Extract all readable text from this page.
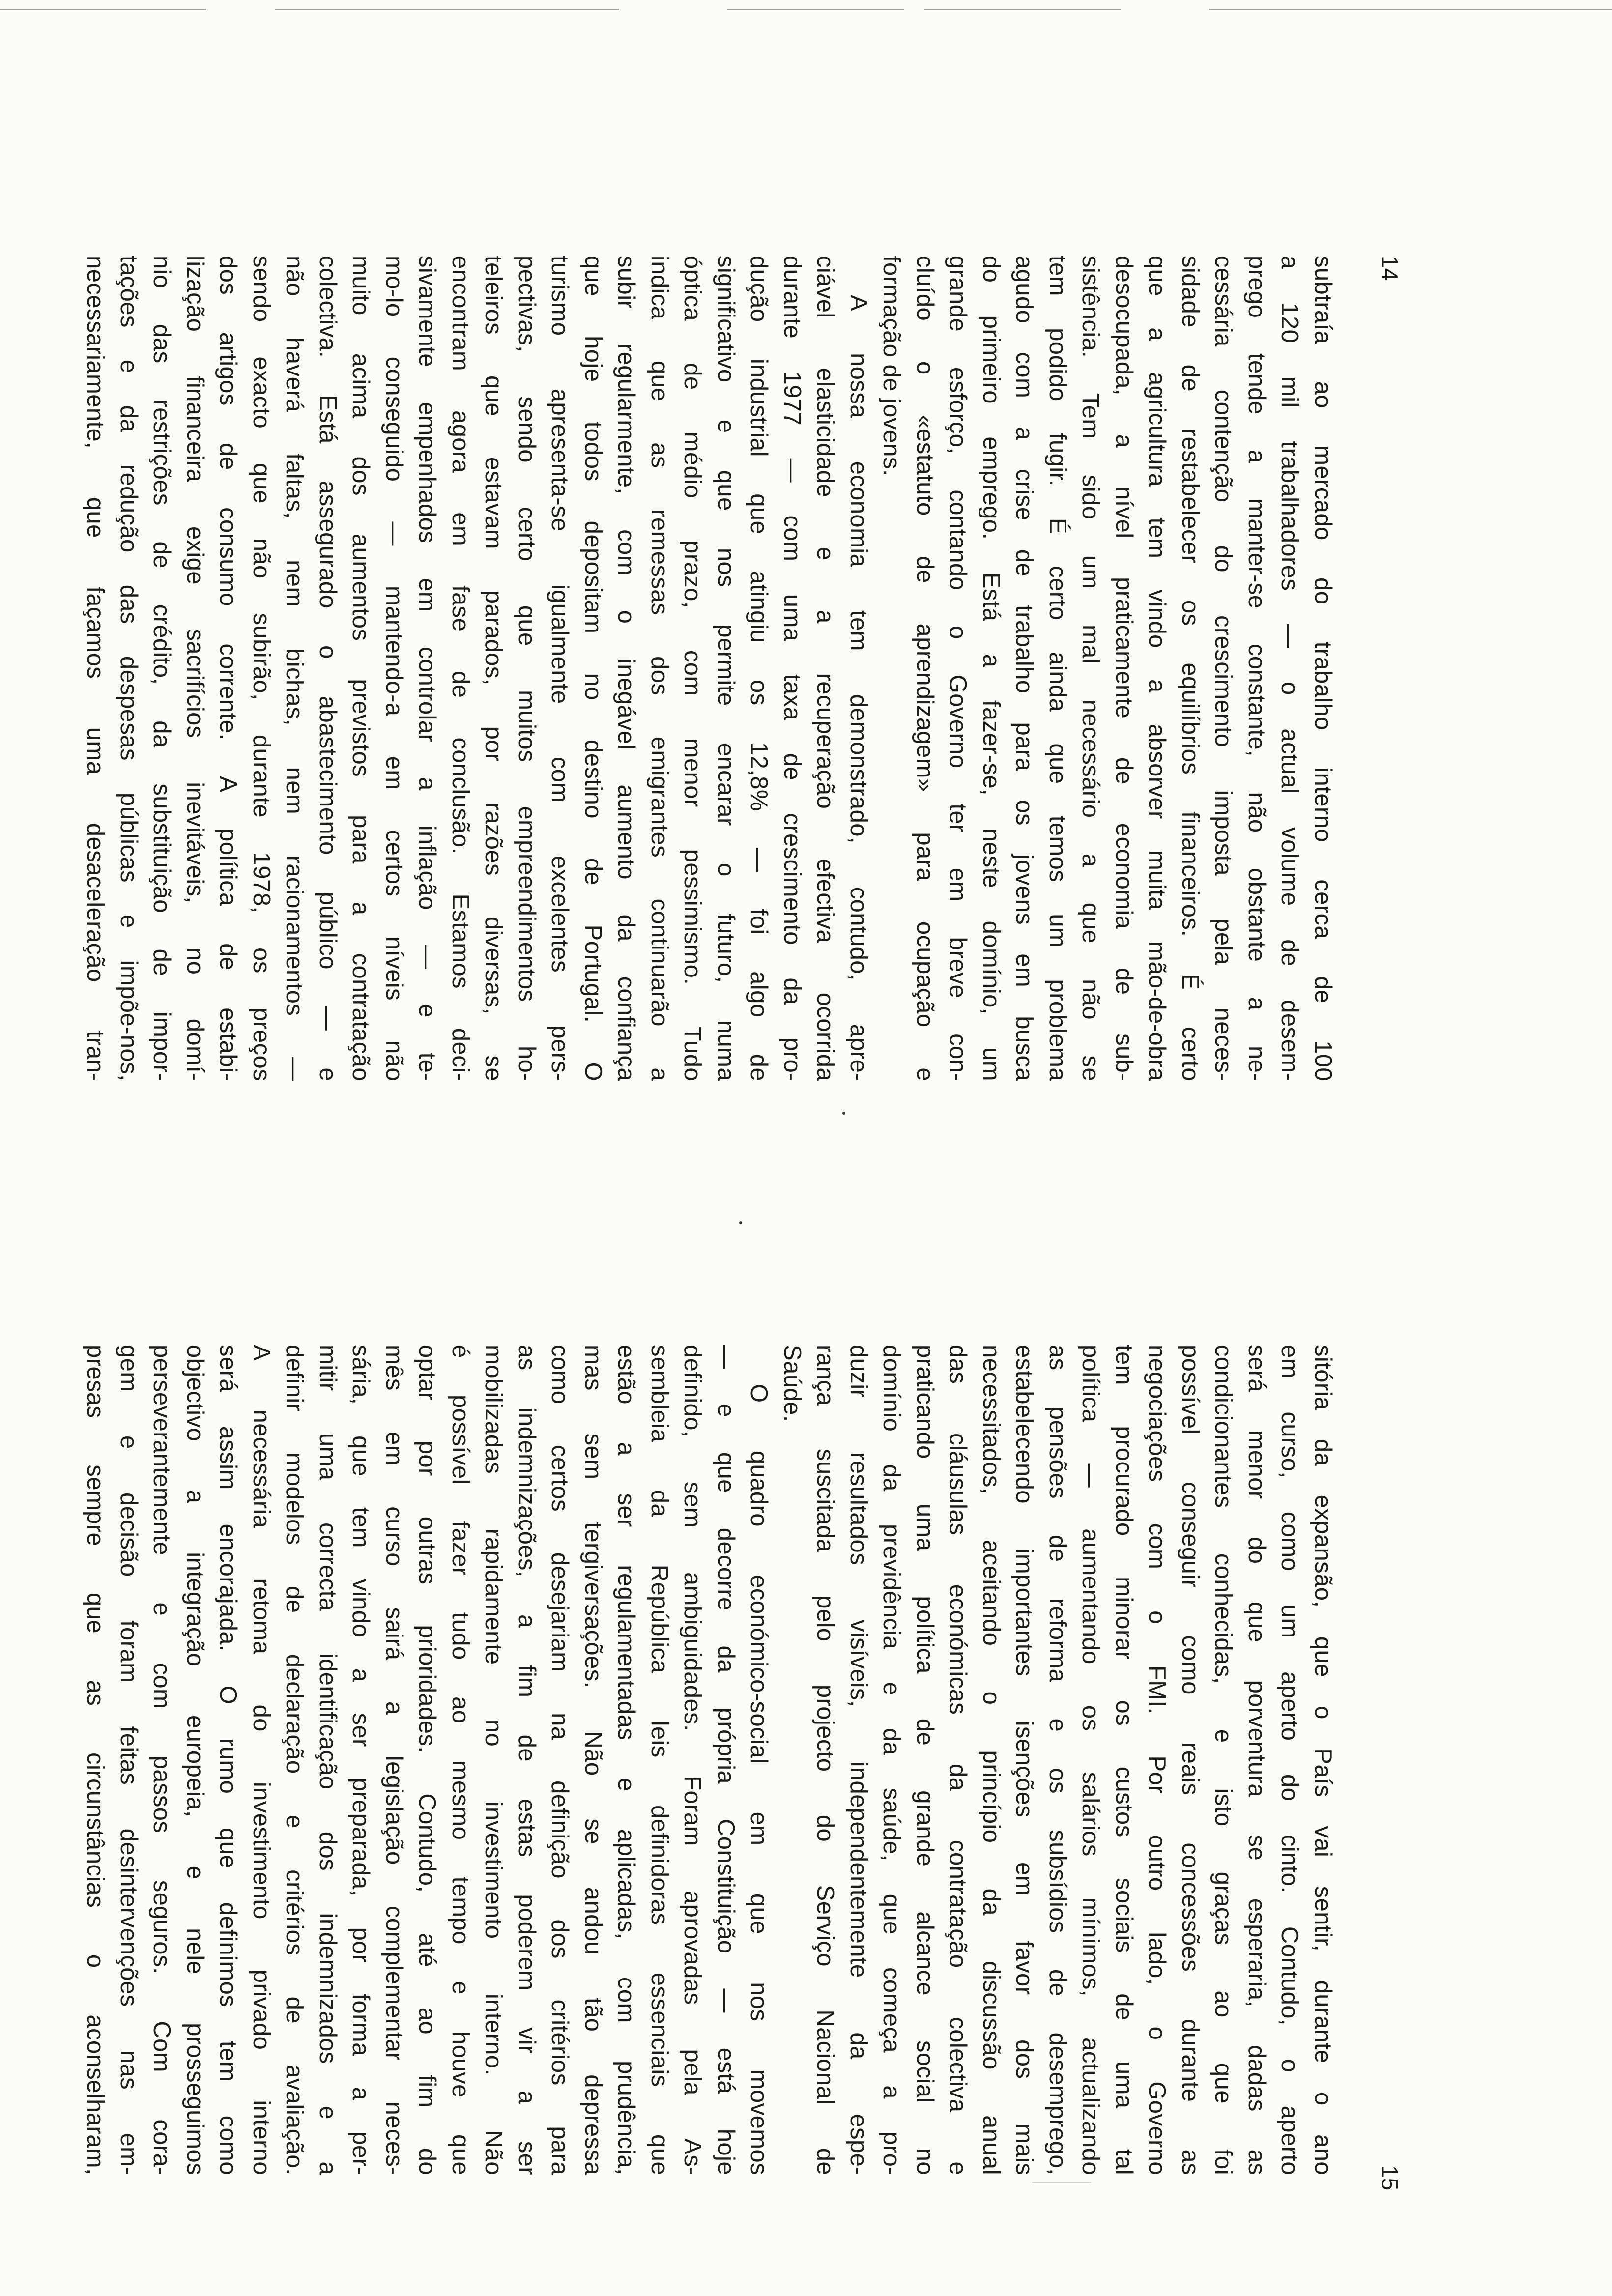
14
subtraía ao mercado do trabalho interno cerca de 100
a 120 mil trabalhadores — o actual volume de desem-
prego tende a manter-se constante, não obstante a ne-
cessária contenção do crescimento imposta pela neces-
sidade de restabelecer os equilíbrios financeiros. É certo
que a agricultura tem vindo a absorver muita mão-de-obra
desocupada, a nível praticamente de economia de sub-
sistência. Tem sido um mal necessário a que não se
tem podido fugir. É certo ainda que temos um problema
agudo com a crise de trabalho para os jovens em busca
do primeiro emprego. Está a fazer-se, neste domínio, um
grande esforço, contando o Governo ter em breve con-
cluído o «estatuto de aprendizagem» para ocupação e
formação de jovens.
A nossa economia tem demonstrado, contudo, apre-
ciável elasticidade e a recuperação efectiva ocorrida
durante 1977 — com uma taxa de crescimento da pro-
dução industrial que atingiu os 12,8% — foi algo de
significativo e que nos permite encarar o futuro, numa
óptica de médio prazo, com menor pessimismo. Tudo
indica que as remessas dos emigrantes continuarão a
subir regularmente, com o inegável aumento da confiança
que hoje todos depositam no destino de Portugal. O
turismo apresenta-se igualmente com excelentes pers-
pectivas, sendo certo que muitos empreendimentos ho-
teleiros que estavam parados, por razões diversas, se
encontram agora em fase de conclusão. Estamos deci-
sivamente empenhados em controlar a inflação — e te-
mo-lo conseguido — mantendo-a em certos níveis não
muito acima dos aumentos previstos para a contratação
colectiva. Está assegurado o abastecimento público — e
não haverá faltas, nem bichas, nem racionamentos —
sendo exacto que não subirão, durante 1978, os preços
dos artigos de consumo corrente. A política de estabi-
lização financeira exige sacrifícios inevitáveis, no domí-
nio das restrições de crédito, da substituição de impor-
tações e da redução das despesas públicas e impõe-nos,
necessariamente, que façamos uma desaceleração tran-
15
sitória da expansão, que o País vai sentir, durante o ano
em curso, como um aperto do cinto. Contudo, o aperto
será menor do que porventura se esperaria, dadas as
condicionantes conhecidas, e isto graças ao que foi
possível conseguir como reais concessões durante as
negociações com o FMI. Por outro lado, o Governo
tem procurado minorar os custos sociais de uma tal
política — aumentando os salários mínimos, actualizando
as pensões de reforma e os subsídios de desemprego,
estabelecendo importantes isenções em favor dos mais
necessitados, aceitando o princípio da discussão anual
das cláusulas económicas da contratação colectiva e
praticando uma política de grande alcance social no
domínio da previdência e da saúde, que começa a pro-
duzir resultados visíveis, independentemente da espe-
rança suscitada pelo projecto do Serviço Nacional de
Saúde.
O quadro económico-social em que nos movemos
— e que decorre da própria Constituição — está hoje
definido, sem ambiguidades. Foram aprovadas pela As-
sembleia da República leis definidoras essenciais que
estão a ser regulamentadas e aplicadas, com prudência,
mas sem tergiversações. Não se andou tão depressa
como certos desejariam na definição dos critérios para
as indemnizações, a fim de estas poderem vir a ser
mobilizadas rapidamente no investimento interno. Não
é possível fazer tudo ao mesmo tempo e houve que
optar por outras prioridades. Contudo, até ao fim do
mês em curso sairá a legislação complementar neces-
sária, que tem vindo a ser preparada, por forma a per-
mitir uma correcta identificação dos indemnizados e a
definir modelos de declaração e critérios de avaliação.
A necessária retoma do investimento privado interno
será assim encorajada. O rumo que definimos tem como
objectivo a integração europeia, e nele prosseguimos
perseverantemente e com passos seguros. Com cora-
gem e decisão foram feitas desintervenções nas em-
presas sempre que as circunstâncias o aconselharam,
